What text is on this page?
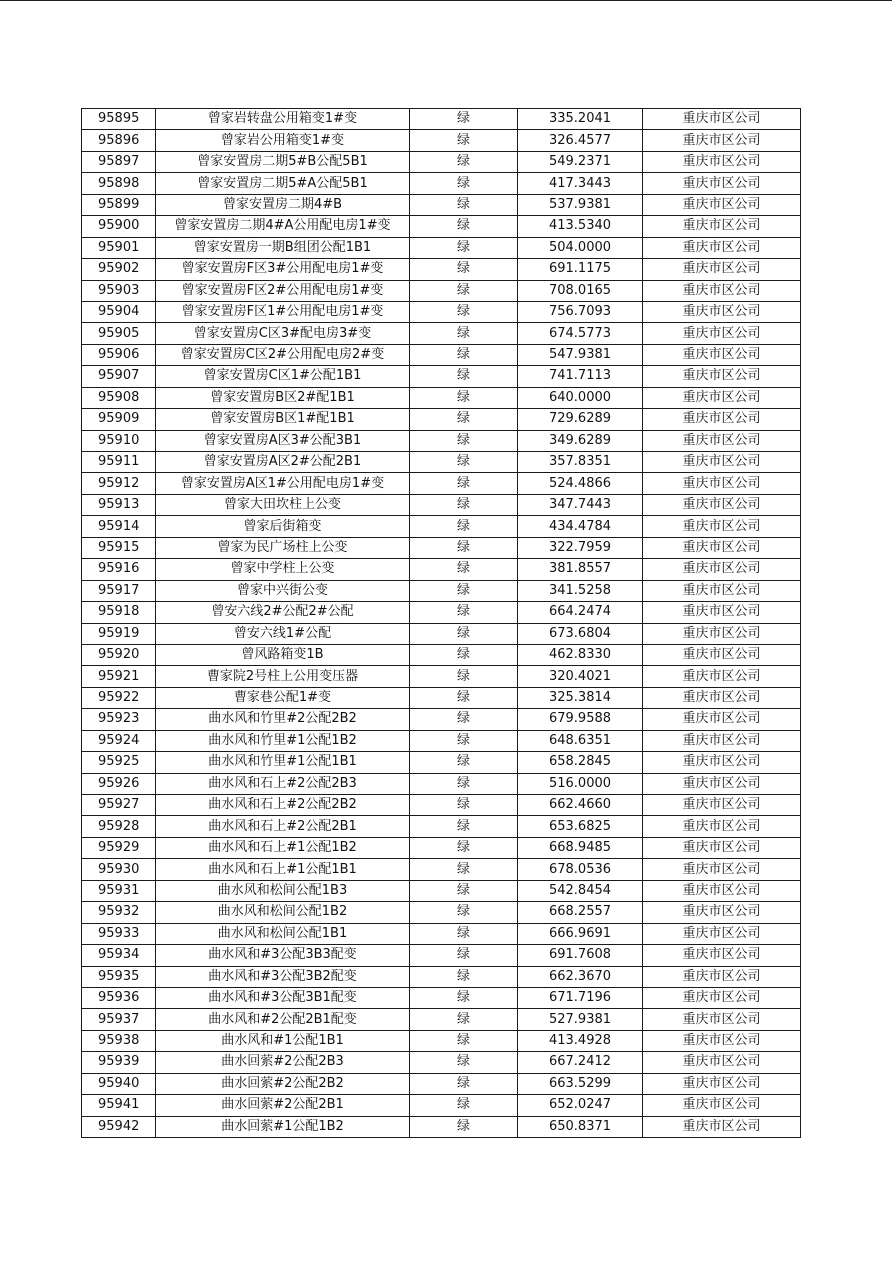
95895	曾家岩转盘公用箱变1#变	绿	335.2041	重庆市区公司
95896	曾家岩公用箱变1#变	绿	326.4577	重庆市区公司
95897	曾家安置房二期5#B公配5B1	绿	549.2371	重庆市区公司
95898	曾家安置房二期5#A公配5B1	绿	417.3443	重庆市区公司
95899	曾家安置房二期4#B	绿	537.9381	重庆市区公司
95900	曾家安置房二期4#A公用配电房1#变	绿	413.5340	重庆市区公司
95901	曾家安置房一期B组团公配1B1	绿	504.0000	重庆市区公司
95902	曾家安置房F区3#公用配电房1#变	绿	691.1175	重庆市区公司
95903	曾家安置房F区2#公用配电房1#变	绿	708.0165	重庆市区公司
95904	曾家安置房F区1#公用配电房1#变	绿	756.7093	重庆市区公司
95905	曾家安置房C区3#配电房3#变	绿	674.5773	重庆市区公司
95906	曾家安置房C区2#公用配电房2#变	绿	547.9381	重庆市区公司
95907	曾家安置房C区1#公配1B1	绿	741.7113	重庆市区公司
95908	曾家安置房B区2#配1B1	绿	640.0000	重庆市区公司
95909	曾家安置房B区1#配1B1	绿	729.6289	重庆市区公司
95910	曾家安置房A区3#公配3B1	绿	349.6289	重庆市区公司
95911	曾家安置房A区2#公配2B1	绿	357.8351	重庆市区公司
95912	曾家安置房A区1#公用配电房1#变	绿	524.4866	重庆市区公司
95913	曾家大田坎柱上公变	绿	347.7443	重庆市区公司
95914	曾家后街箱变	绿	434.4784	重庆市区公司
95915	曾家为民广场柱上公变	绿	322.7959	重庆市区公司
95916	曾家中学柱上公变	绿	381.8557	重庆市区公司
95917	曾家中兴街公变	绿	341.5258	重庆市区公司
95918	曾安六线2#公配2#公配	绿	664.2474	重庆市区公司
95919	曾安六线1#公配	绿	673.6804	重庆市区公司
95920	曾风路箱变1B	绿	462.8330	重庆市区公司
95921	曹家院2号柱上公用变压器	绿	320.4021	重庆市区公司
95922	曹家巷公配1#变	绿	325.3814	重庆市区公司
95923	曲水风和竹里#2公配2B2	绿	679.9588	重庆市区公司
95924	曲水风和竹里#1公配1B2	绿	648.6351	重庆市区公司
95925	曲水风和竹里#1公配1B1	绿	658.2845	重庆市区公司
95926	曲水风和石上#2公配2B3	绿	516.0000	重庆市区公司
95927	曲水风和石上#2公配2B2	绿	662.4660	重庆市区公司
95928	曲水风和石上#2公配2B1	绿	653.6825	重庆市区公司
95929	曲水风和石上#1公配1B2	绿	668.9485	重庆市区公司
95930	曲水风和石上#1公配1B1	绿	678.0536	重庆市区公司
95931	曲水风和松间公配1B3	绿	542.8454	重庆市区公司
95932	曲水风和松间公配1B2	绿	668.2557	重庆市区公司
95933	曲水风和松间公配1B1	绿	666.9691	重庆市区公司
95934	曲水风和#3公配3B3配变	绿	691.7608	重庆市区公司
95935	曲水风和#3公配3B2配变	绿	662.3670	重庆市区公司
95936	曲水风和#3公配3B1配变	绿	671.7196	重庆市区公司
95937	曲水风和#2公配2B1配变	绿	527.9381	重庆市区公司
95938	曲水风和#1公配1B1	绿	413.4928	重庆市区公司
95939	曲水回萦#2公配2B3	绿	667.2412	重庆市区公司
95940	曲水回萦#2公配2B2	绿	663.5299	重庆市区公司
95941	曲水回萦#2公配2B1	绿	652.0247	重庆市区公司
95942	曲水回萦#1公配1B2	绿	650.8371	重庆市区公司
